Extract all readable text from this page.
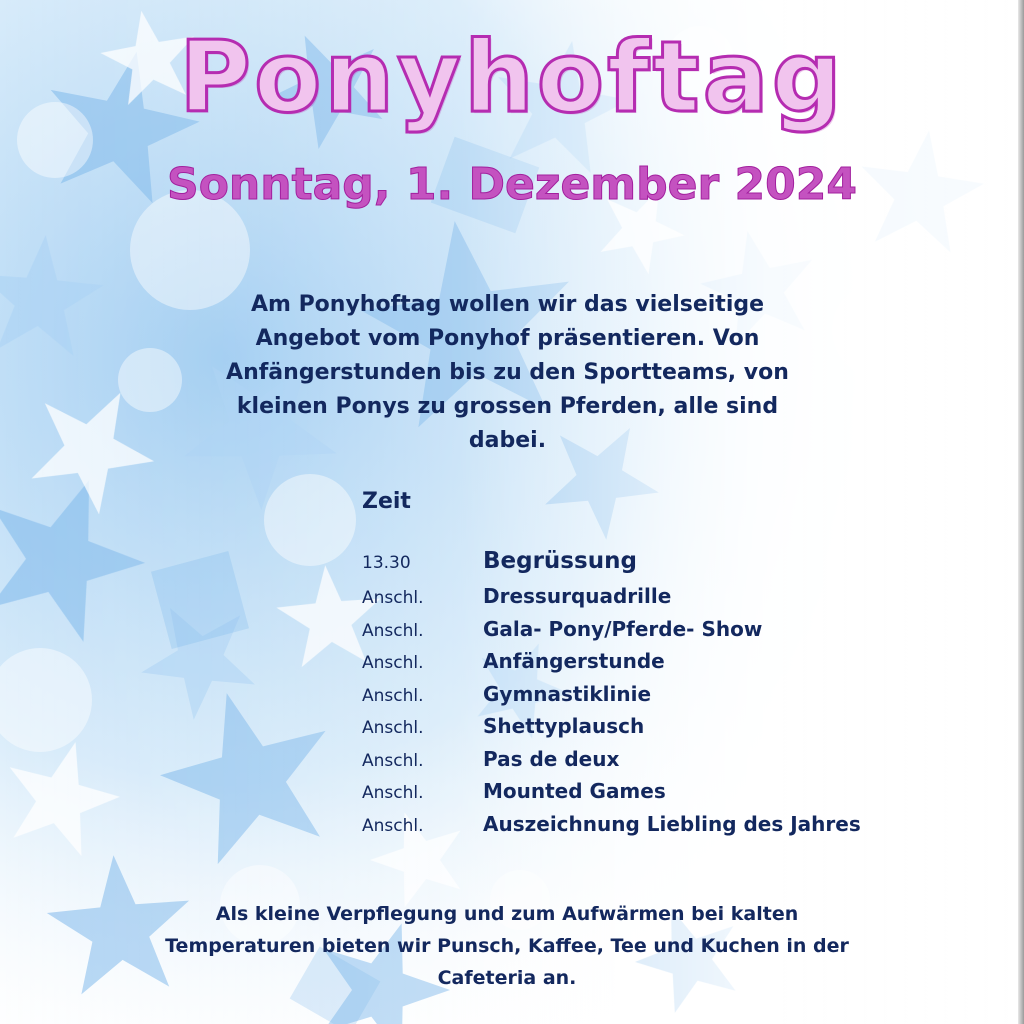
Ponyhoftag
Sonntag, 1. Dezember 2024
Am Ponyhoftag wollen wir das vielseitige Angebot vom Ponyhof präsentieren. Von Anfängerstunden bis zu den Sportteams, von kleinen Ponys zu grossen Pferden, alle sind dabei.
Zeit
13.30	Begrüssung
Anschl.	Dressurquadrille
Anschl.	Gala- Pony/Pferde- Show
Anschl.	Anfängerstunde
Anschl.	Gymnastiklinie
Anschl.	Shettyplausch
Anschl.	Pas de deux
Anschl.	Mounted Games
Anschl.	Auszeichnung Liebling des Jahres
Als kleine Verpflegung und zum Aufwärmen bei kalten Temperaturen bieten wir Punsch, Kaffee, Tee und Kuchen in der Cafeteria an.
